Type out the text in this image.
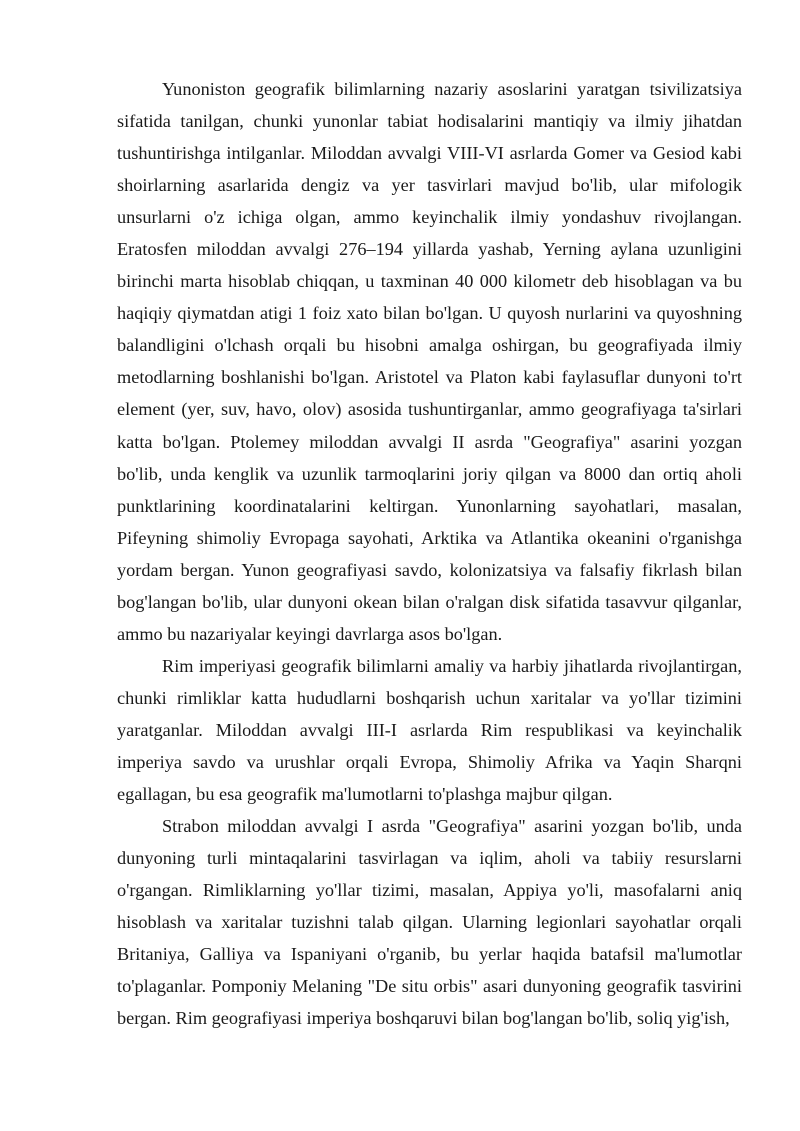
Yunoniston geografik bilimlarning nazariy asoslarini yaratgan tsivilizatsiya sifatida tanilgan, chunki yunonlar tabiat hodisalarini mantiqiy va ilmiy jihatdan tushuntirishga intilganlar. Miloddan avvalgi VIII-VI asrlarda Gomer va Gesiod kabi shoirlarning asarlarida dengiz va yer tasvirlari mavjud bo'lib, ular mifologik unsurlarni o'z ichiga olgan, ammo keyinchalik ilmiy yondashuv rivojlangan. Eratosfen miloddan avvalgi 276–194 yillarda yashab, Yerning aylana uzunligini birinchi marta hisoblab chiqqan, u taxminan 40 000 kilometr deb hisoblagan va bu haqiqiy qiymatdan atigi 1 foiz xato bilan bo'lgan. U quyosh nurlarini va quyoshning balandligini o'lchash orqali bu hisobni amalga oshirgan, bu geografiyada ilmiy metodlarning boshlanishi bo'lgan. Aristotel va Platon kabi faylasuflar dunyoni to'rt element (yer, suv, havo, olov) asosida tushuntirganlar, ammo geografiyaga ta'sirlari katta bo'lgan. Ptolemey miloddan avvalgi II asrda "Geografiya" asarini yozgan bo'lib, unda kenglik va uzunlik tarmoqlarini joriy qilgan va 8000 dan ortiq aholi punktlarining koordinatalarini keltirgan. Yunonlarning sayohatlari, masalan, Pifeyning shimoliy Evropaga sayohati, Arktika va Atlantika okeanini o'rganishga yordam bergan. Yunon geografiyasi savdo, kolonizatsiya va falsafiy fikrlash bilan bog'langan bo'lib, ular dunyoni okean bilan o'ralgan disk sifatida tasavvur qilganlar, ammo bu nazariyalar keyingi davrlarga asos bo'lgan.

Rim imperiyasi geografik bilimlarni amaliy va harbiy jihatlarda rivojlantirgan, chunki rimliklar katta hududlarni boshqarish uchun xaritalar va yo'llar tizimini yaratganlar. Miloddan avvalgi III-I asrlarda Rim respublikasi va keyinchalik imperiya savdo va urushlar orqali Evropa, Shimoliy Afrika va Yaqin Sharqni egallagan, bu esa geografik ma'lumotlarni to'plashga majbur qilgan.

Strabon miloddan avvalgi I asrda "Geografiya" asarini yozgan bo'lib, unda dunyoning turli mintaqalarini tasvirlagan va iqlim, aholi va tabiiy resurslarni o'rgangan. Rimliklarning yo'llar tizimi, masalan, Appiya yo'li, masofalarni aniq hisoblash va xaritalar tuzishni talab qilgan. Ularning legionlari sayohatlar orqali Britaniya, Galliya va Ispaniyani o'rganib, bu yerlar haqida batafsil ma'lumotlar to'plaganlar. Pomponiy Melaning "De situ orbis" asari dunyoning geografik tasvirini bergan. Rim geografiyasi imperiya boshqaruvi bilan bog'langan bo'lib, soliq yig'ish,
